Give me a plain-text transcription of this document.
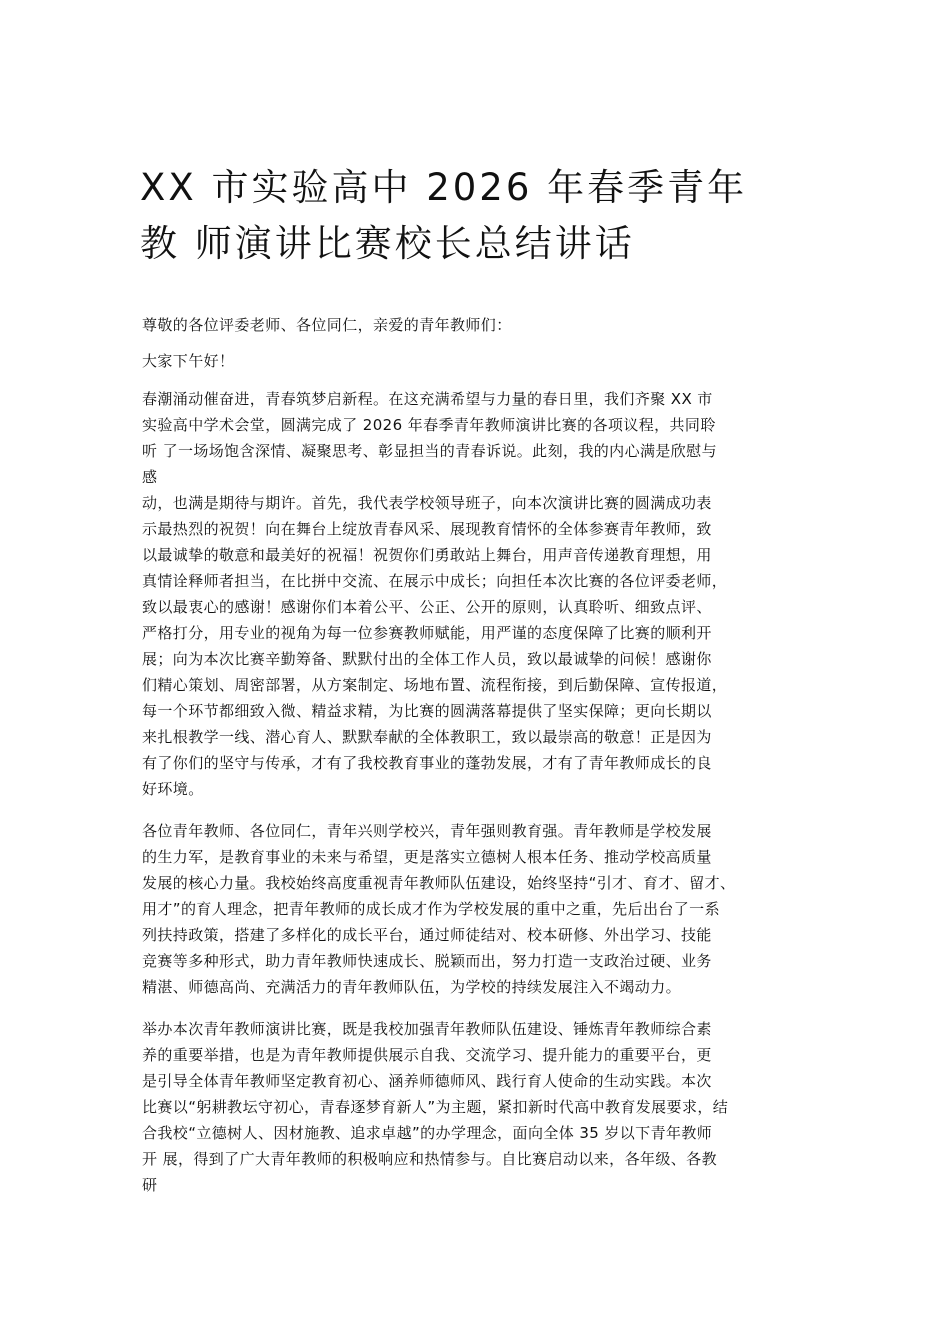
XX 市实验高中 2026 年春季青年
教 师演讲比赛校长总结讲话

尊敬的各位评委老师、各位同仁，亲爱的青年教师们：

大家下午好！

春潮涌动催奋进，青春筑梦启新程。在这充满希望与力量的春日里，我们齐聚 XX 市
实验高中学术会堂，圆满完成了 2026 年春季青年教师演讲比赛的各项议程，共同聆
听 了一场场饱含深情、凝聚思考、彰显担当的青春诉说。此刻，我的内心满是欣慰与
感
动，也满是期待与期许。首先，我代表学校领导班子，向本次演讲比赛的圆满成功表
示最热烈的祝贺！向在舞台上绽放青春风采、展现教育情怀的全体参赛青年教师，致
以最诚挚的敬意和最美好的祝福！祝贺你们勇敢站上舞台，用声音传递教育理想，用
真情诠释师者担当，在比拼中交流、在展示中成长；向担任本次比赛的各位评委老师，
致以最衷心的感谢！感谢你们本着公平、公正、公开的原则，认真聆听、细致点评、
严格打分，用专业的视角为每一位参赛教师赋能，用严谨的态度保障了比赛的顺利开
展；向为本次比赛辛勤筹备、默默付出的全体工作人员，致以最诚挚的问候！感谢你
们精心策划、周密部署，从方案制定、场地布置、流程衔接，到后勤保障、宣传报道，
每一个环节都细致入微、精益求精，为比赛的圆满落幕提供了坚实保障；更向长期以
来扎根教学一线、潜心育人、默默奉献的全体教职工，致以最崇高的敬意！正是因为
有了你们的坚守与传承，才有了我校教育事业的蓬勃发展，才有了青年教师成长的良
好环境。

各位青年教师、各位同仁，青年兴则学校兴，青年强则教育强。青年教师是学校发展
的生力军，是教育事业的未来与希望，更是落实立德树人根本任务、推动学校高质量
发展的核心力量。我校始终高度重视青年教师队伍建设，始终坚持“引才、育才、留才、
用才”的育人理念，把青年教师的成长成才作为学校发展的重中之重，先后出台了一系
列扶持政策，搭建了多样化的成长平台，通过师徒结对、校本研修、外出学习、技能
竞赛等多种形式，助力青年教师快速成长、脱颖而出，努力打造一支政治过硬、业务
精湛、师德高尚、充满活力的青年教师队伍，为学校的持续发展注入不竭动力。

举办本次青年教师演讲比赛，既是我校加强青年教师队伍建设、锤炼青年教师综合素
养的重要举措，也是为青年教师提供展示自我、交流学习、提升能力的重要平台，更
是引导全体青年教师坚定教育初心、涵养师德师风、践行育人使命的生动实践。本次
比赛以“躬耕教坛守初心，青春逐梦育新人”为主题，紧扣新时代高中教育发展要求，结
合我校“立德树人、因材施教、追求卓越”的办学理念，面向全体 35 岁以下青年教师
开 展，得到了广大青年教师的积极响应和热情参与。自比赛启动以来，各年级、各教
研
